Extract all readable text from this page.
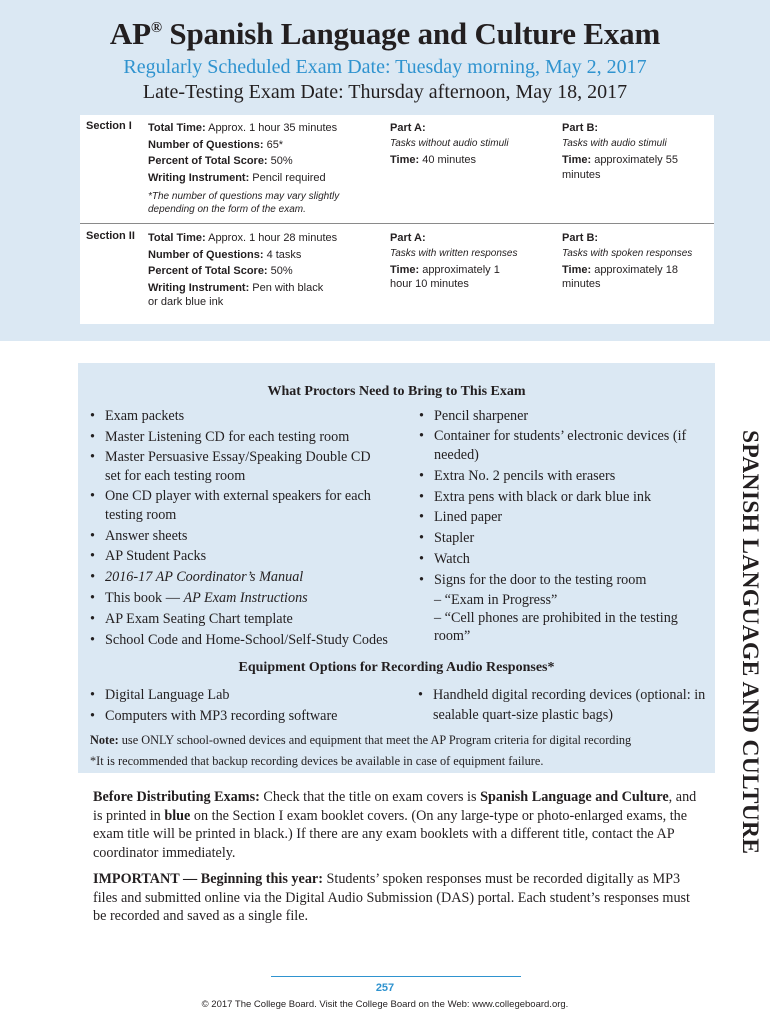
AP® Spanish Language and Culture Exam
Regularly Scheduled Exam Date: Tuesday morning, May 2, 2017
Late-Testing Exam Date: Thursday afternoon, May 18, 2017
Section I Total Time: Approx. 1 hour 35 minutes
Number of Questions: 65*
Percent of Total Score: 50%
Writing Instrument: Pencil required
*The number of questions may vary slightly depending on the form of the exam.
Part A:
Tasks without audio stimuli
Time: 40 minutes
Part B:
Tasks with audio stimuli
Time: approximately 55 minutes
Section II Total Time: Approx. 1 hour 28 minutes
Number of Questions: 4 tasks
Percent of Total Score: 50%
Writing Instrument: Pen with black or dark blue ink
Part A:
Tasks with written responses
Time: approximately 1 hour 10 minutes
Part B:
Tasks with spoken responses
Time: approximately 18 minutes
What Proctors Need to Bring to This Exam
• Exam packets
• Master Listening CD for each testing room
• Master Persuasive Essay/Speaking Double CD set for each testing room
• One CD player with external speakers for each testing room
• Answer sheets
• AP Student Packs
• 2016-17 AP Coordinator’s Manual
• This book — AP Exam Instructions
• AP Exam Seating Chart template
• School Code and Home-School/Self-Study Codes
• Pencil sharpener
• Container for students’ electronic devices (if needed)
• Extra No. 2 pencils with erasers
• Extra pens with black or dark blue ink
• Lined paper
• Stapler
• Watch
• Signs for the door to the testing room
– “Exam in Progress”
– “Cell phones are prohibited in the testing room”
Equipment Options for Recording Audio Responses*
• Digital Language Lab
• Computers with MP3 recording software
• Handheld digital recording devices (optional: in sealable quart-size plastic bags)
Note: use ONLY school-owned devices and equipment that meet the AP Program criteria for digital recording
*It is recommended that backup recording devices be available in case of equipment failure.
Before Distributing Exams: Check that the title on exam covers is Spanish Language and Culture, and is printed in blue on the Section I exam booklet covers. (On any large-type or photo-enlarged exams, the exam title will be printed in black.) If there are any exam booklets with a different title, contact the AP coordinator immediately.
IMPORTANT — Beginning this year: Students’ spoken responses must be recorded digitally as MP3 files and submitted online via the Digital Audio Submission (DAS) portal. Each student’s responses must be recorded and saved as a single file.
SPANISH LANGUAGE AND CULTURE
257
© 2017 The College Board. Visit the College Board on the Web: www.collegeboard.org.
